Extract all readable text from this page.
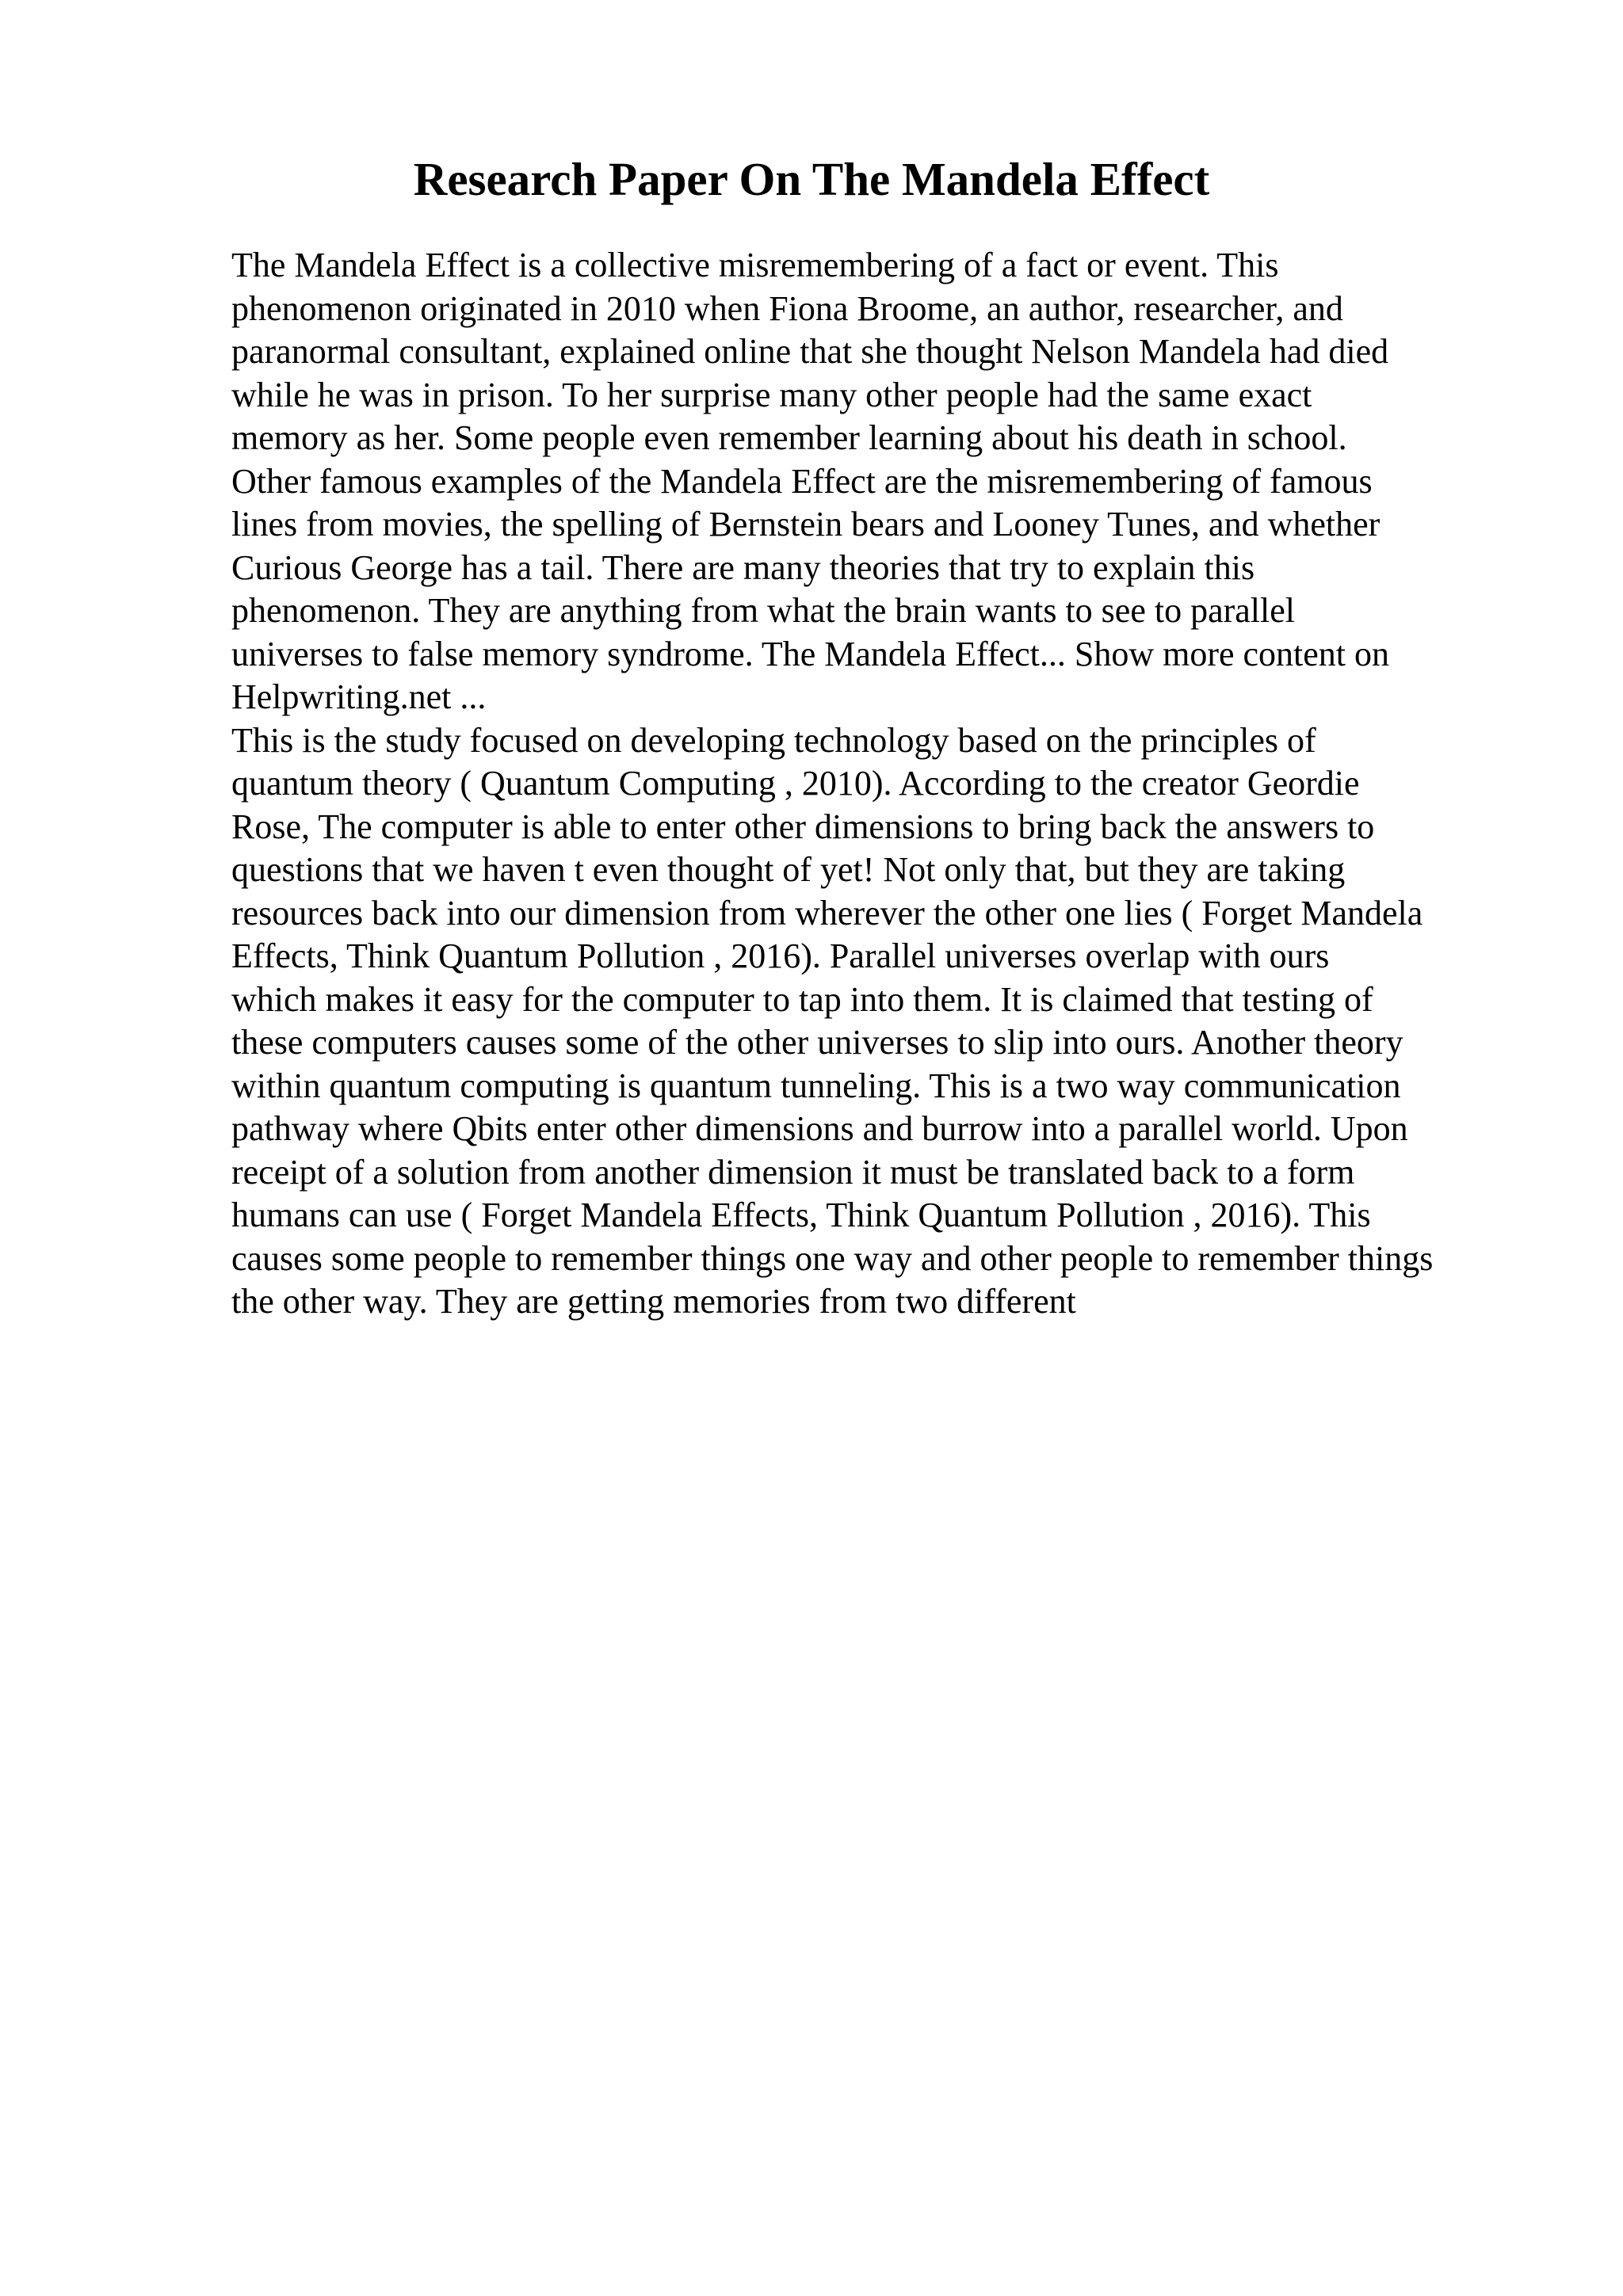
Research Paper On The Mandela Effect
The Mandela Effect is a collective misremembering of a fact or event. This
phenomenon originated in 2010 when Fiona Broome, an author, researcher, and
paranormal consultant, explained online that she thought Nelson Mandela had died
while he was in prison. To her surprise many other people had the same exact
memory as her. Some people even remember learning about his death in school.
Other famous examples of the Mandela Effect are the misremembering of famous
lines from movies, the spelling of Bernstein bears and Looney Tunes, and whether
Curious George has a tail. There are many theories that try to explain this
phenomenon. They are anything from what the brain wants to see to parallel
universes to false memory syndrome. The Mandela Effect... Show more content on
Helpwriting.net ...
This is the study focused on developing technology based on the principles of
quantum theory ( Quantum Computing , 2010). According to the creator Geordie
Rose, The computer is able to enter other dimensions to bring back the answers to
questions that we haven t even thought of yet! Not only that, but they are taking
resources back into our dimension from wherever the other one lies ( Forget Mandela
Effects, Think Quantum Pollution , 2016). Parallel universes overlap with ours
which makes it easy for the computer to tap into them. It is claimed that testing of
these computers causes some of the other universes to slip into ours. Another theory
within quantum computing is quantum tunneling. This is a two way communication
pathway where Qbits enter other dimensions and burrow into a parallel world. Upon
receipt of a solution from another dimension it must be translated back to a form
humans can use ( Forget Mandela Effects, Think Quantum Pollution , 2016). This
causes some people to remember things one way and other people to remember things
the other way. They are getting memories from two different
